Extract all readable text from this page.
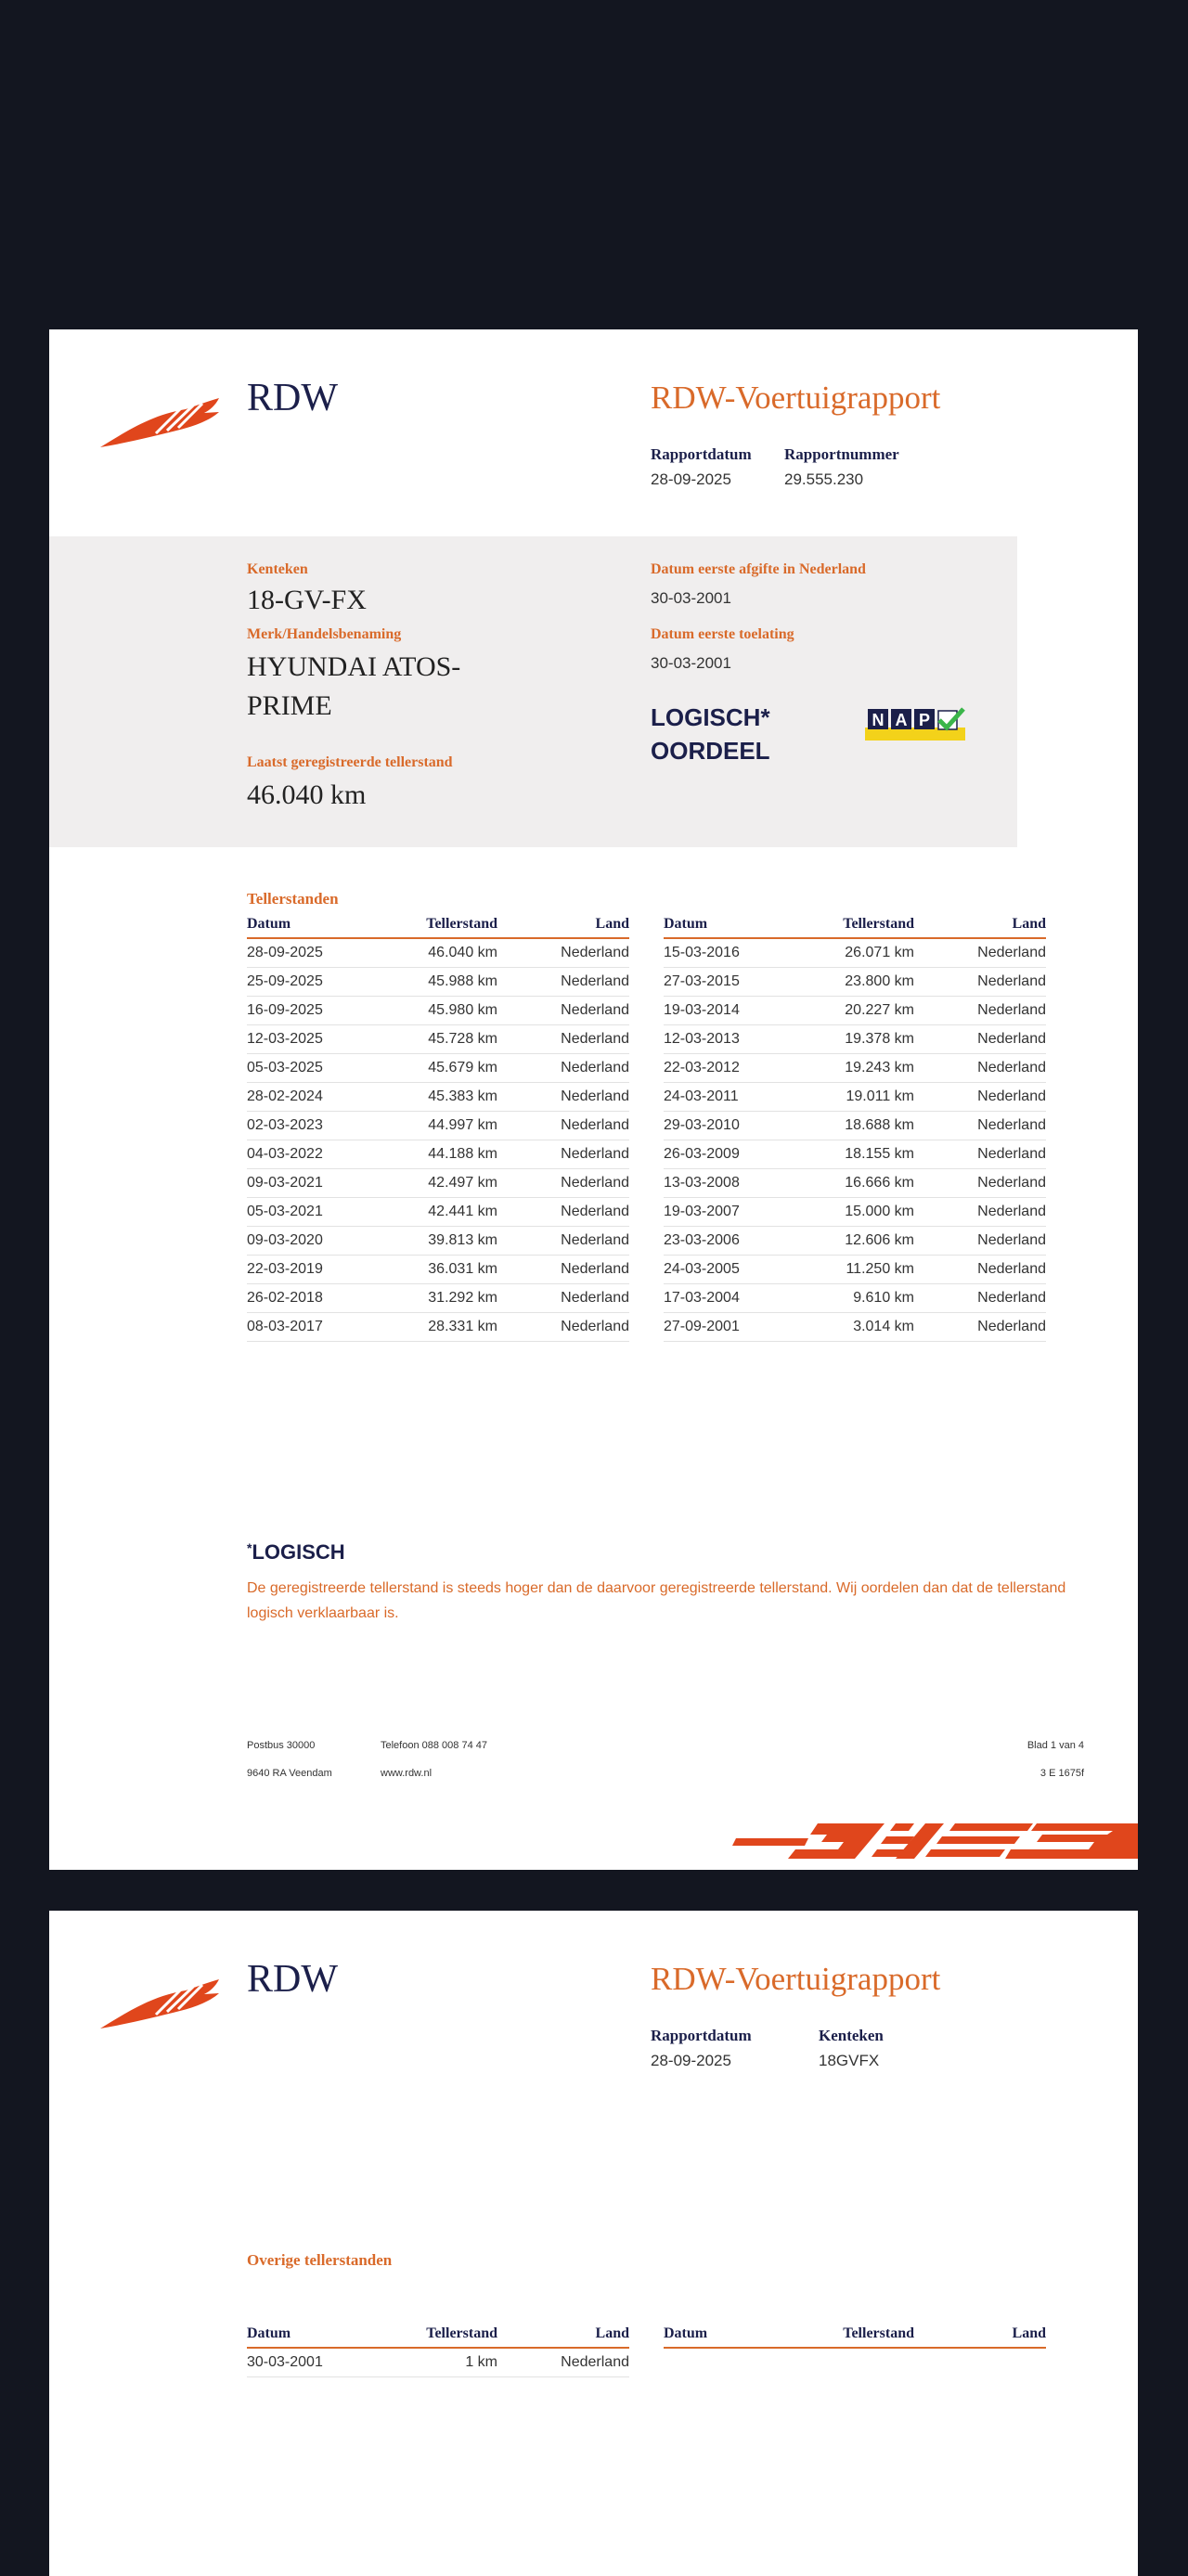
RDW	RDW-Voertuigrapport
Rapportdatum
28-09-2025
Rapportnummer
29.555.230
Kenteken
18-GV-FX
Merk/Handelsbenaming
HYUNDAI ATOS-
PRIME
Laatst geregistreerde tellerstand
46.040 km
Datum eerste afgifte in Nederland
30-03-2001
Datum eerste toelating
30-03-2001
LOGISCH*
OORDEEL
N A P
Tellerstanden
Datum	Tellerstand	Land
28-09-2025	46.040 km	Nederland
25-09-2025	45.988 km	Nederland
16-09-2025	45.980 km	Nederland
12-03-2025	45.728 km	Nederland
05-03-2025	45.679 km	Nederland
28-02-2024	45.383 km	Nederland
02-03-2023	44.997 km	Nederland
04-03-2022	44.188 km	Nederland
09-03-2021	42.497 km	Nederland
05-03-2021	42.441 km	Nederland
09-03-2020	39.813 km	Nederland
22-03-2019	36.031 km	Nederland
26-02-2018	31.292 km	Nederland
08-03-2017	28.331 km	Nederland
Datum	Tellerstand	Land
15-03-2016	26.071 km	Nederland
27-03-2015	23.800 km	Nederland
19-03-2014	20.227 km	Nederland
12-03-2013	19.378 km	Nederland
22-03-2012	19.243 km	Nederland
24-03-2011	19.011 km	Nederland
29-03-2010	18.688 km	Nederland
26-03-2009	18.155 km	Nederland
13-03-2008	16.666 km	Nederland
19-03-2007	15.000 km	Nederland
23-03-2006	12.606 km	Nederland
24-03-2005	11.250 km	Nederland
17-03-2004	9.610 km	Nederland
27-09-2001	3.014 km	Nederland
*LOGISCH
De geregistreerde tellerstand is steeds hoger dan de daarvoor geregistreerde tellerstand. Wij oordelen dan dat de tellerstand logisch verklaarbaar is.
Postbus 30000
9640 RA Veendam
Telefoon 088 008 74 47
www.rdw.nl
Blad 1 van 4
3 E 1675f
RDW	RDW-Voertuigrapport
Rapportdatum
28-09-2025
Kenteken
18GVFX
Overige tellerstanden
Datum	Tellerstand	Land
30-03-2001	1 km	Nederland
Datum	Tellerstand	Land
